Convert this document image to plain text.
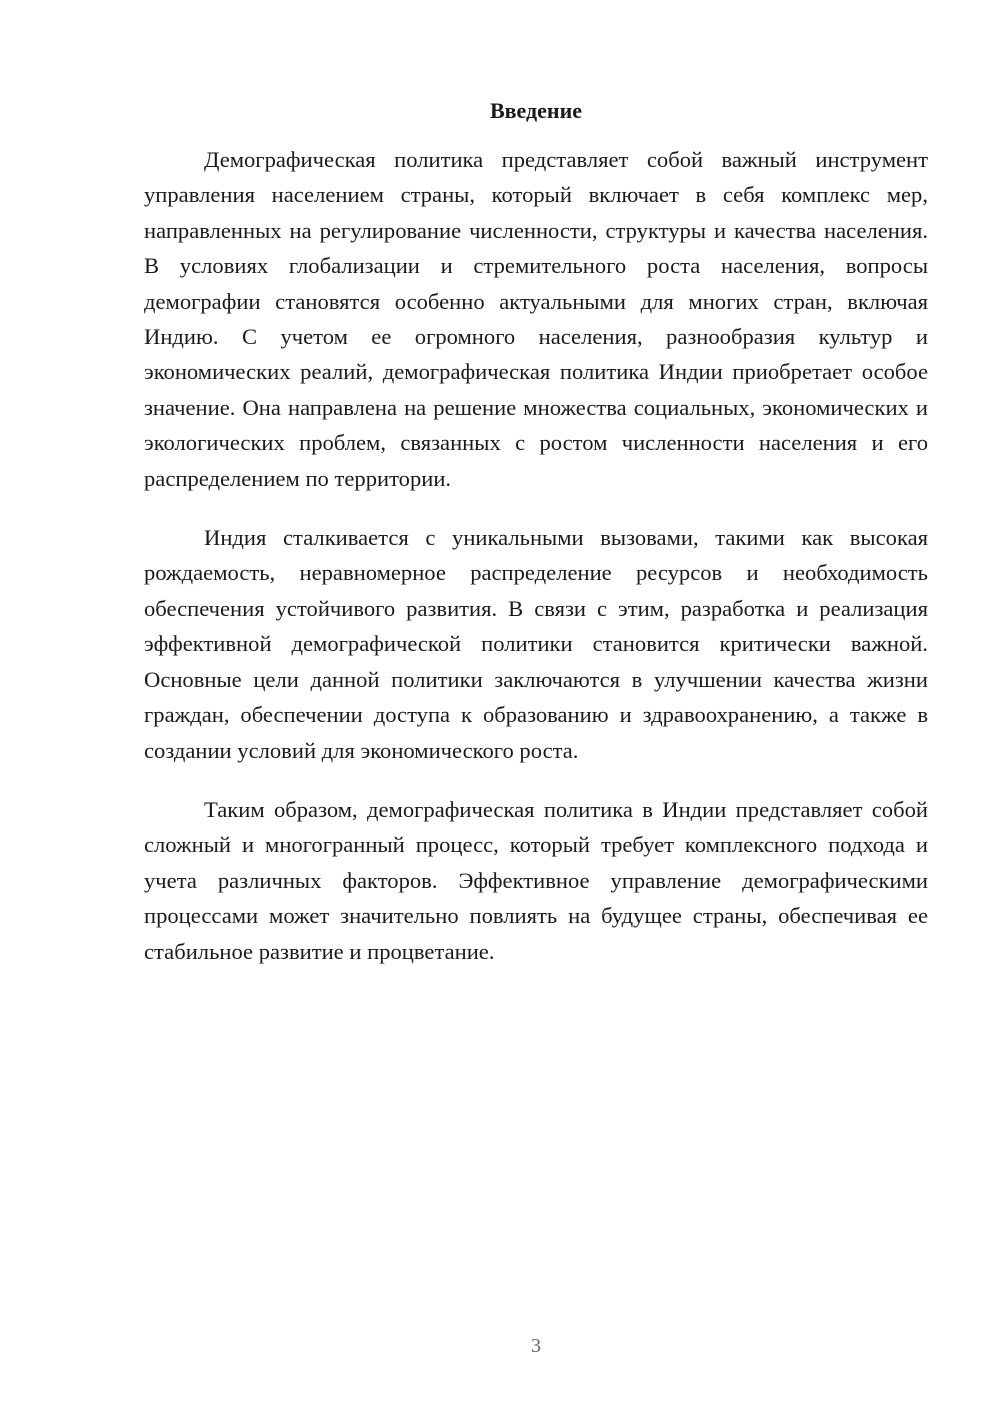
Введение

Демографическая политика представляет собой важный инструмент управления населением страны, который включает в себя комплекс мер, направленных на регулирование численности, структуры и качества населения. В условиях глобализации и стремительного роста населения, вопросы демографии становятся особенно актуальными для многих стран, включая Индию. С учетом ее огромного населения, разнообразия культур и экономических реалий, демографическая политика Индии приобретает особое значение. Она направлена на решение множества социальных, экономических и экологических проблем, связанных с ростом численности населения и его распределением по территории.

Индия сталкивается с уникальными вызовами, такими как высокая рождаемость, неравномерное распределение ресурсов и необходимость обеспечения устойчивого развития. В связи с этим, разработка и реализация эффективной демографической политики становится критически важной. Основные цели данной политики заключаются в улучшении качества жизни граждан, обеспечении доступа к образованию и здравоохранению, а также в создании условий для экономического роста.

Таким образом, демографическая политика в Индии представляет собой сложный и многогранный процесс, который требует комплексного подхода и учета различных факторов. Эффективное управление демографическими процессами может значительно повлиять на будущее страны, обеспечивая ее стабильное развитие и процветание.

3
